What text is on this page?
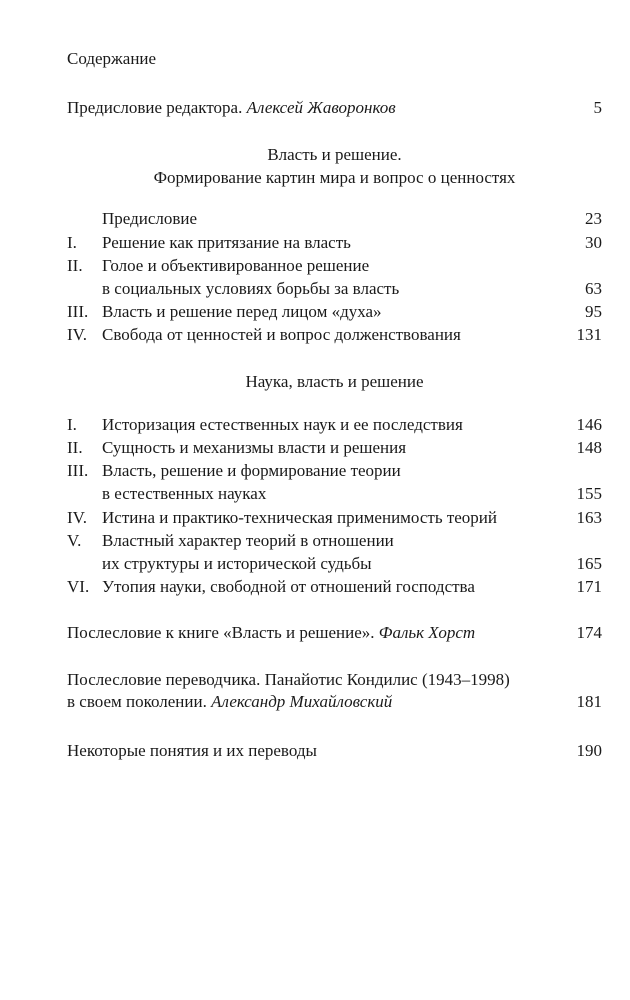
Содержание
Предисловие редактора. Алексей Жаворонков	5
Власть и решение.
Формирование картин мира и вопрос о ценностях
Предисловие	23
I.	Решение как притязание на власть	30
II.	Голое и объективированное решение
в социальных условиях борьбы за власть	63
III. Власть и решение перед лицом «духа»	95
IV. Свобода от ценностей и вопрос долженствования	131
Наука, власть и решение
I.	Историзация естественных наук и ее последствия	146
II.	Сущность и механизмы власти и решения	148
III. Власть, решение и формирование теории
в естественных науках	155
IV. Истина и практико-техническая применимость теорий	163
V.	Властный характер теорий в отношении
их структуры и исторической судьбы	165
VI. Утопия науки, свободной от отношений господства	171
Послесловие к книге «Власть и решение». Фальк Хорст	174
Послесловие переводчика. Панайотис Кондилис (1943–1998)
в своем поколении. Александр Михайловский	181
Некоторые понятия и их переводы	190
